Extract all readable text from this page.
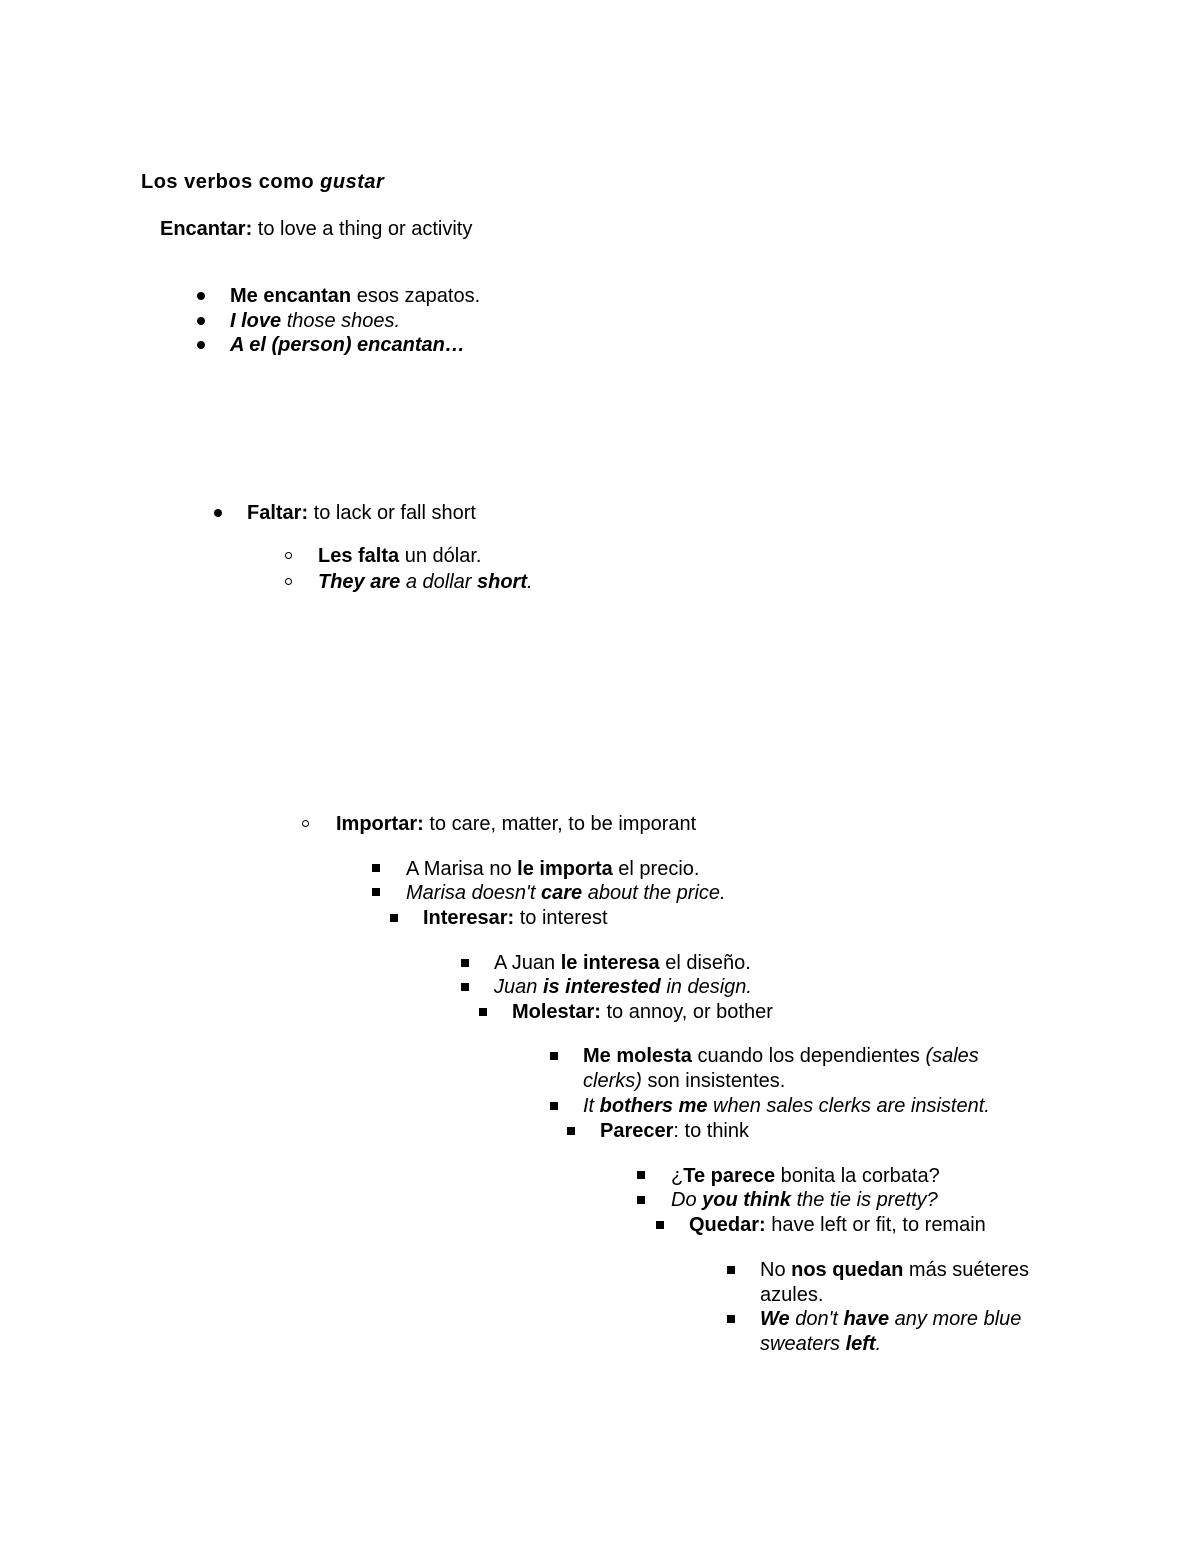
Los verbos como gustar
Encantar: to love a thing or activity
Me encantan esos zapatos.
I love those shoes.
A el (person) encantan…
Faltar: to lack or fall short
Les falta un dólar.
They are a dollar short.
Importar: to care, matter, to be imporant
A Marisa no le importa el precio.
Marisa doesn't care about the price.
Interesar: to interest
A Juan le interesa el diseño.
Juan is interested in design.
Molestar: to annoy, or bother
Me molesta cuando los dependientes (sales
clerks) son insistentes.
It bothers me when sales clerks are insistent.
Parecer: to think
¿Te parece bonita la corbata?
Do you think the tie is pretty?
Quedar: have left or fit, to remain
No nos quedan más suéteres
azules.
We don't have any more blue
sweaters left.
